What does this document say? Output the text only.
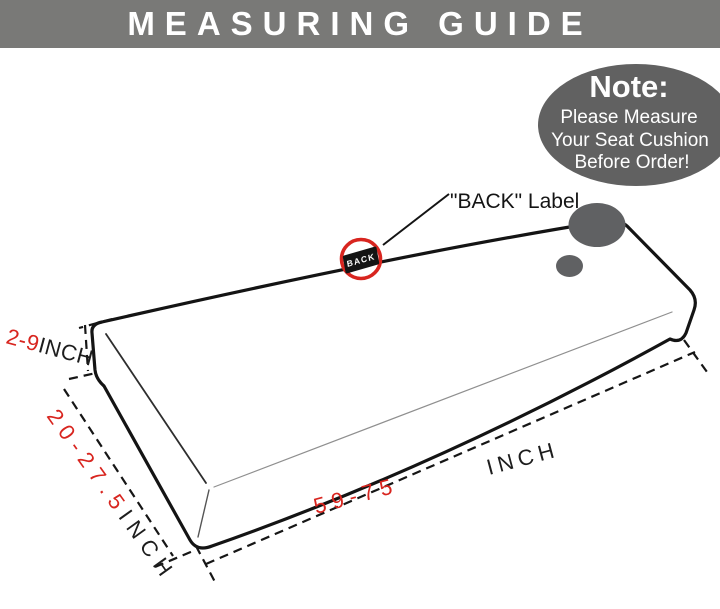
MEASURING GUIDE
Note:
Please Measure
Your Seat Cushion
Before Order!
BACK
"BACK" Label
2-9INCH
20-27.5INCH
59-75
INCH
